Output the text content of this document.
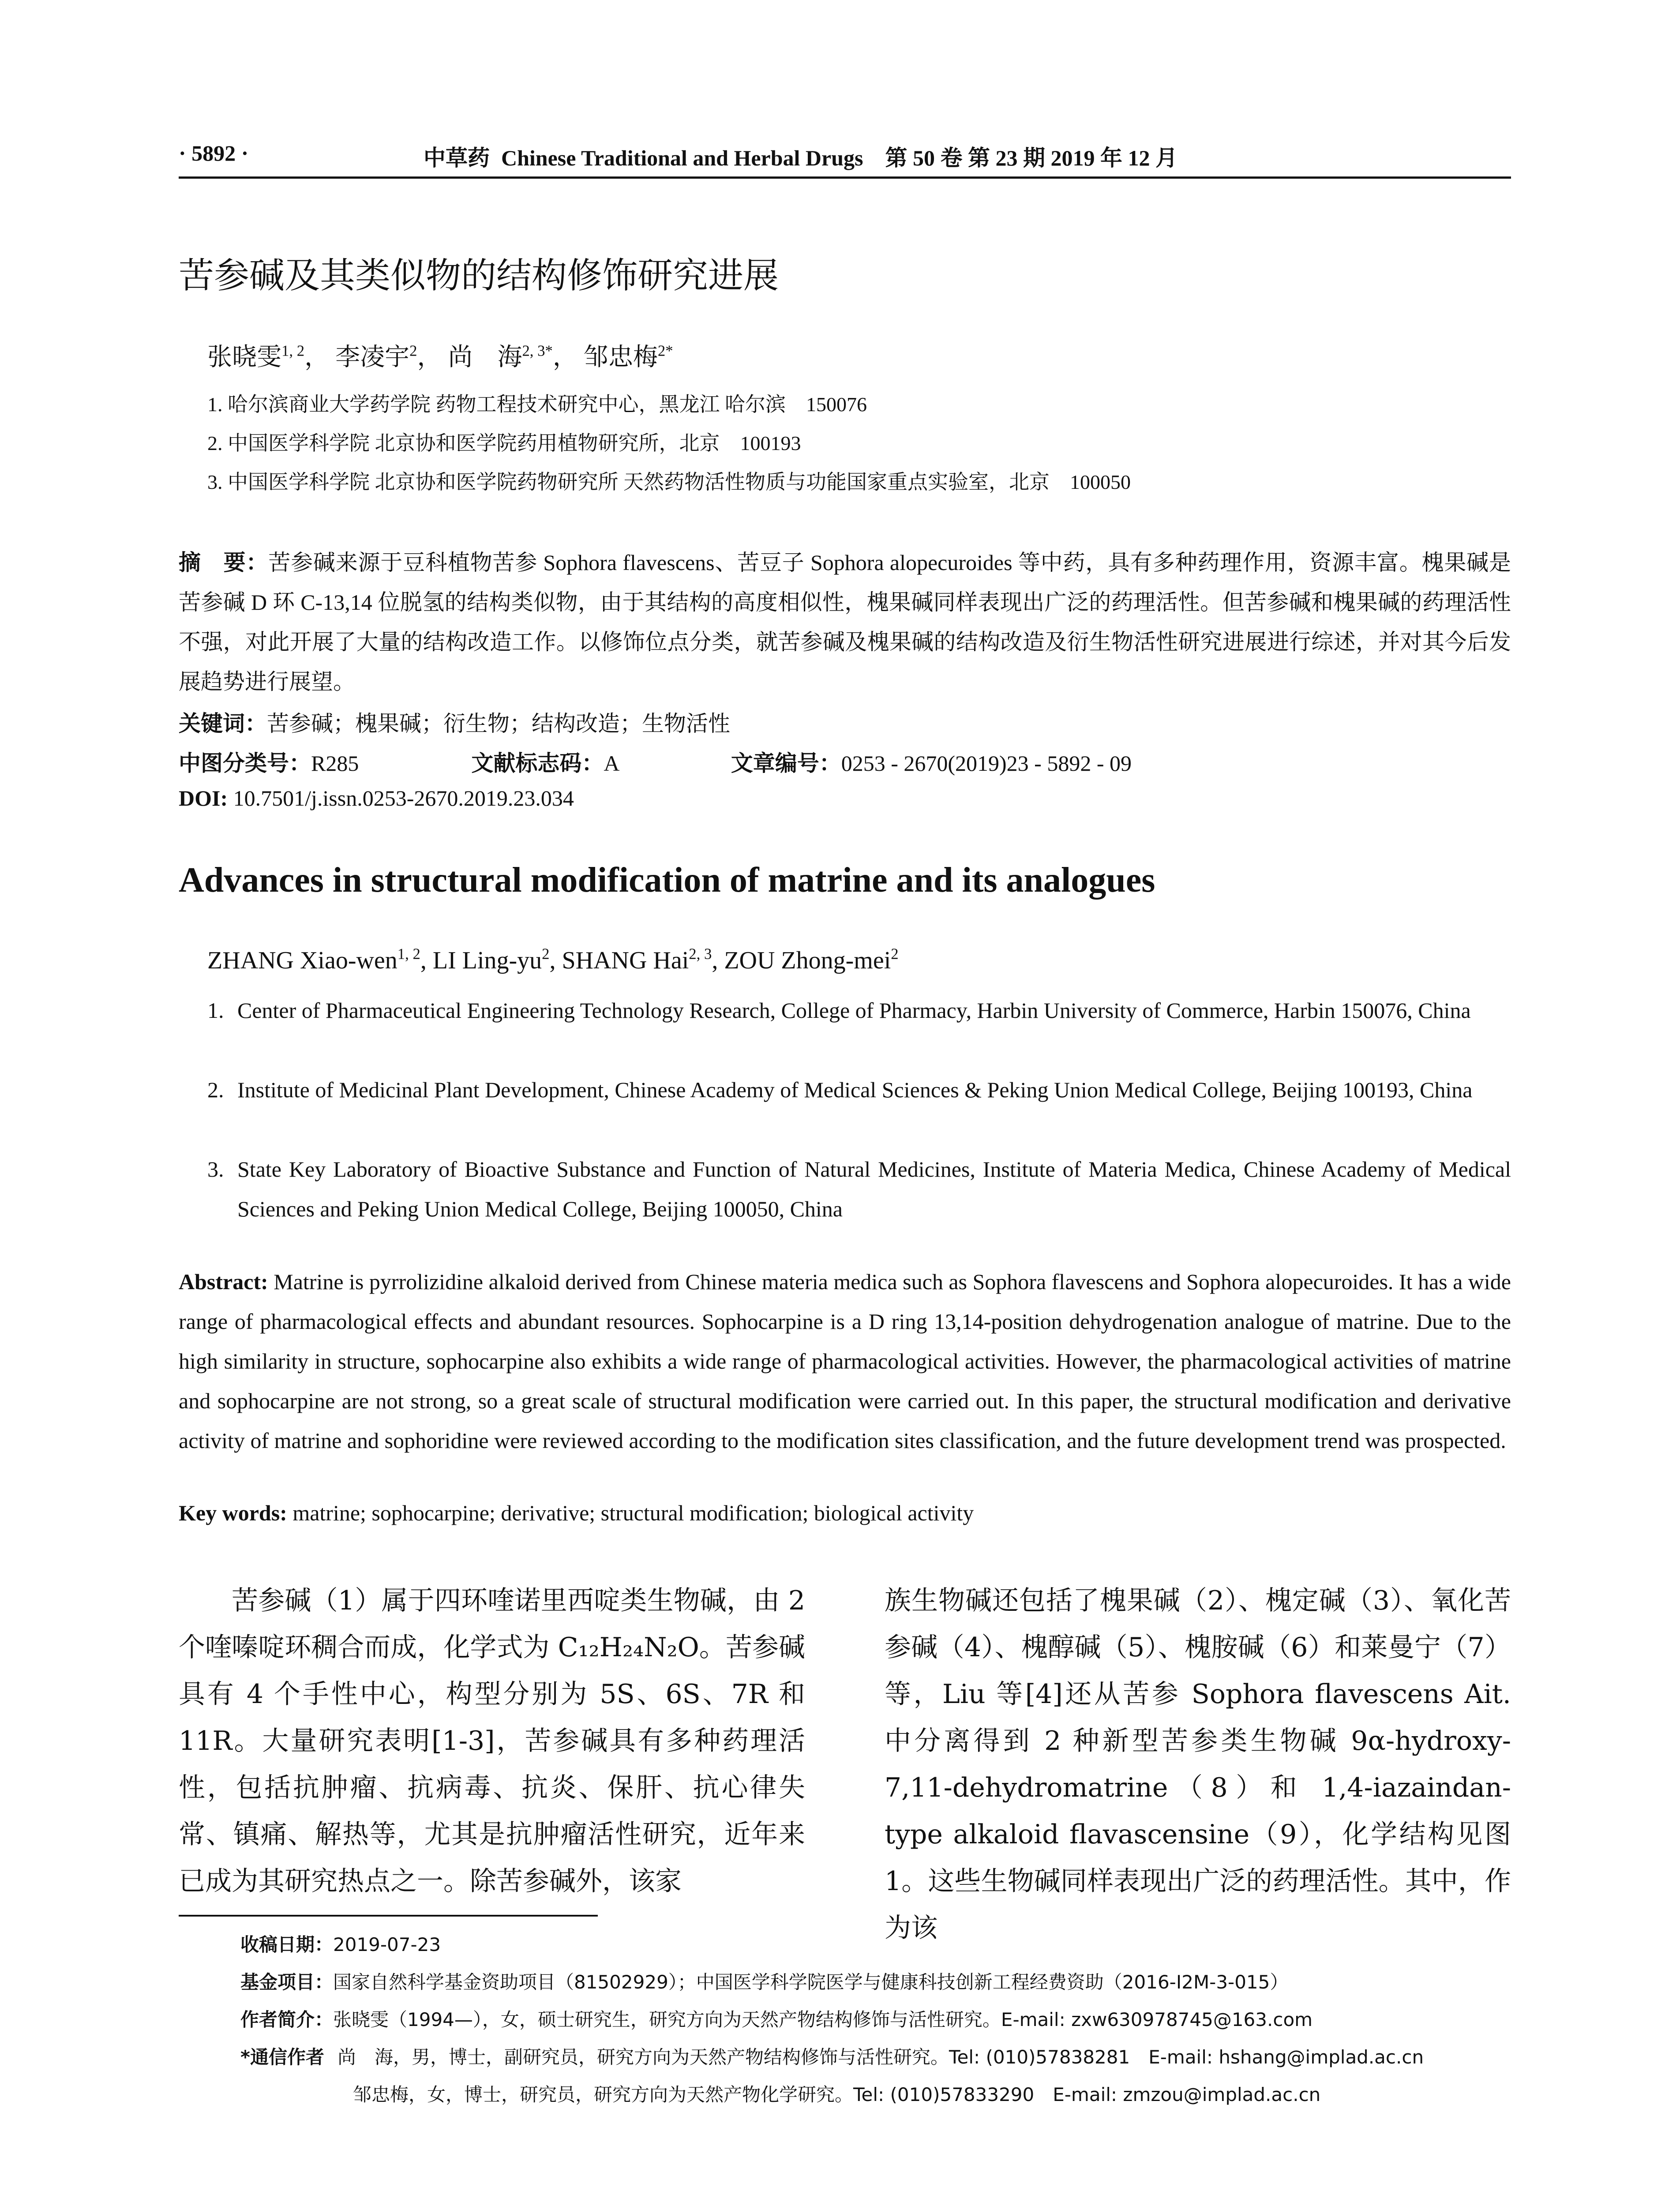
· 5892 ·	中草药 Chinese Traditional and Herbal Drugs　第 50 卷 第 23 期 2019 年 12 月
苦参碱及其类似物的结构修饰研究进展
张晓雯$^{1, 2}$， 李凌宇$^2$， 尚　海$^{2, 3*}$， 邹忠梅$^{2*}$
1. 哈尔滨商业大学药学院 药物工程技术研究中心，黑龙江 哈尔滨　150076
2. 中国医学科学院 北京协和医学院药用植物研究所，北京　100193
3. 中国医学科学院 北京协和医学院药物研究所 天然药物活性物质与功能国家重点实验室，北京　100050
摘　要：苦参碱来源于豆科植物苦参 Sophora flavescens、苦豆子 Sophora alopecuroides 等中药，具有多种药理作用，资源丰富。槐果碱是苦参碱 D 环 C-13,14 位脱氢的结构类似物，由于其结构的高度相似性，槐果碱同样表现出广泛的药理活性。但苦参碱和槐果碱的药理活性不强，对此开展了大量的结构改造工作。以修饰位点分类，就苦参碱及槐果碱的结构改造及衍生物活性研究进展进行综述，并对其今后发展趋势进行展望。
关键词：苦参碱；槐果碱；衍生物；结构改造；生物活性
中图分类号：R285	文献标志码：A	文章编号：0253 - 2670(2019)23 - 5892 - 09
DOI: 10.7501/j.issn.0253-2670.2019.23.034
Advances in structural modification of matrine and its analogues
ZHANG Xiao-wen$^{1, 2}$, LI Ling-$yu^2$, SHANG Hai$^{2, 3}$, ZOU Zhong-mei$^2$
1. Center of Pharmaceutical Engineering Technology Research, College of Pharmacy, Harbin University of Commerce, Harbin 150076, China
2. Institute of Medicinal Plant Development, Chinese Academy of Medical Sciences & Peking Union Medical College, Beijing 100193, China
3. State Key Laboratory of Bioactive Substance and Function of Natural Medicines, Institute of Materia Medica, Chinese Academy of Medical Sciences and Peking Union Medical College, Beijing 100050, China
Abstract: Matrine is pyrrolizidine alkaloid derived from Chinese materia medica such as Sophora flavescens and Sophora alopecuroides. It has a wide range of pharmacological effects and abundant resources. Sophocarpine is a D ring 13,14-position dehydrogenation analogue of matrine. Due to the high similarity in structure, sophocarpine also exhibits a wide range of pharmacological activities. However, the pharmacological activities of matrine and sophocarpine are not strong, so a great scale of structural modification were carried out. In this paper, the structural modification and derivative activity of matrine and sophoridine were reviewed according to the modification sites classification, and the future development trend was prospected.
Key words: matrine; sophocarpine; derivative; structural modification; biological activity
苦参碱（1）属于四环喹诺里西啶类生物碱，由 2 个喹嗪啶环稠合而成，化学式为 C₁₂H₂₄N₂O。苦参碱具有 4 个手性中心，构型分别为 5S、6S、7R 和 11R。大量研究表明[1-3]，苦参碱具有多种药理活性，包括抗肿瘤、抗病毒、抗炎、保肝、抗心律失常、镇痛、解热等，尤其是抗肿瘤活性研究，近年来已成为其研究热点之一。除苦参碱外，该家
族生物碱还包括了槐果碱（2）、槐定碱（3）、氧化苦参碱（4）、槐醇碱（5）、槐胺碱（6）和莱曼宁（7）等，Liu 等[4]还从苦参 Sophora flavescens Ait. 中分离得到 2 种新型苦参类生物碱 9α-hydroxy-7,11-dehydromatrine（8）和 1,4-iazaindan-type alkaloid flavascensine（9），化学结构见图 1。这些生物碱同样表现出广泛的药理活性。其中，作为该
收稿日期：2019-07-23
基金项目：国家自然科学基金资助项目（81502929）；中国医学科学院医学与健康科技创新工程经费资助（2016-I2M-3-015）
作者简介：张晓雯（1994—），女，硕士研究生，研究方向为天然产物结构修饰与活性研究。E-mail: zxw630978745@163.com
*通信作者 尚　海，男，博士，副研究员，研究方向为天然产物结构修饰与活性研究。Tel: (010)57838281　E-mail: hshang@implad.ac.cn
邹忠梅，女，博士，研究员，研究方向为天然产物化学研究。Tel: (010)57833290　E-mail: zmzou@implad.ac.cn
